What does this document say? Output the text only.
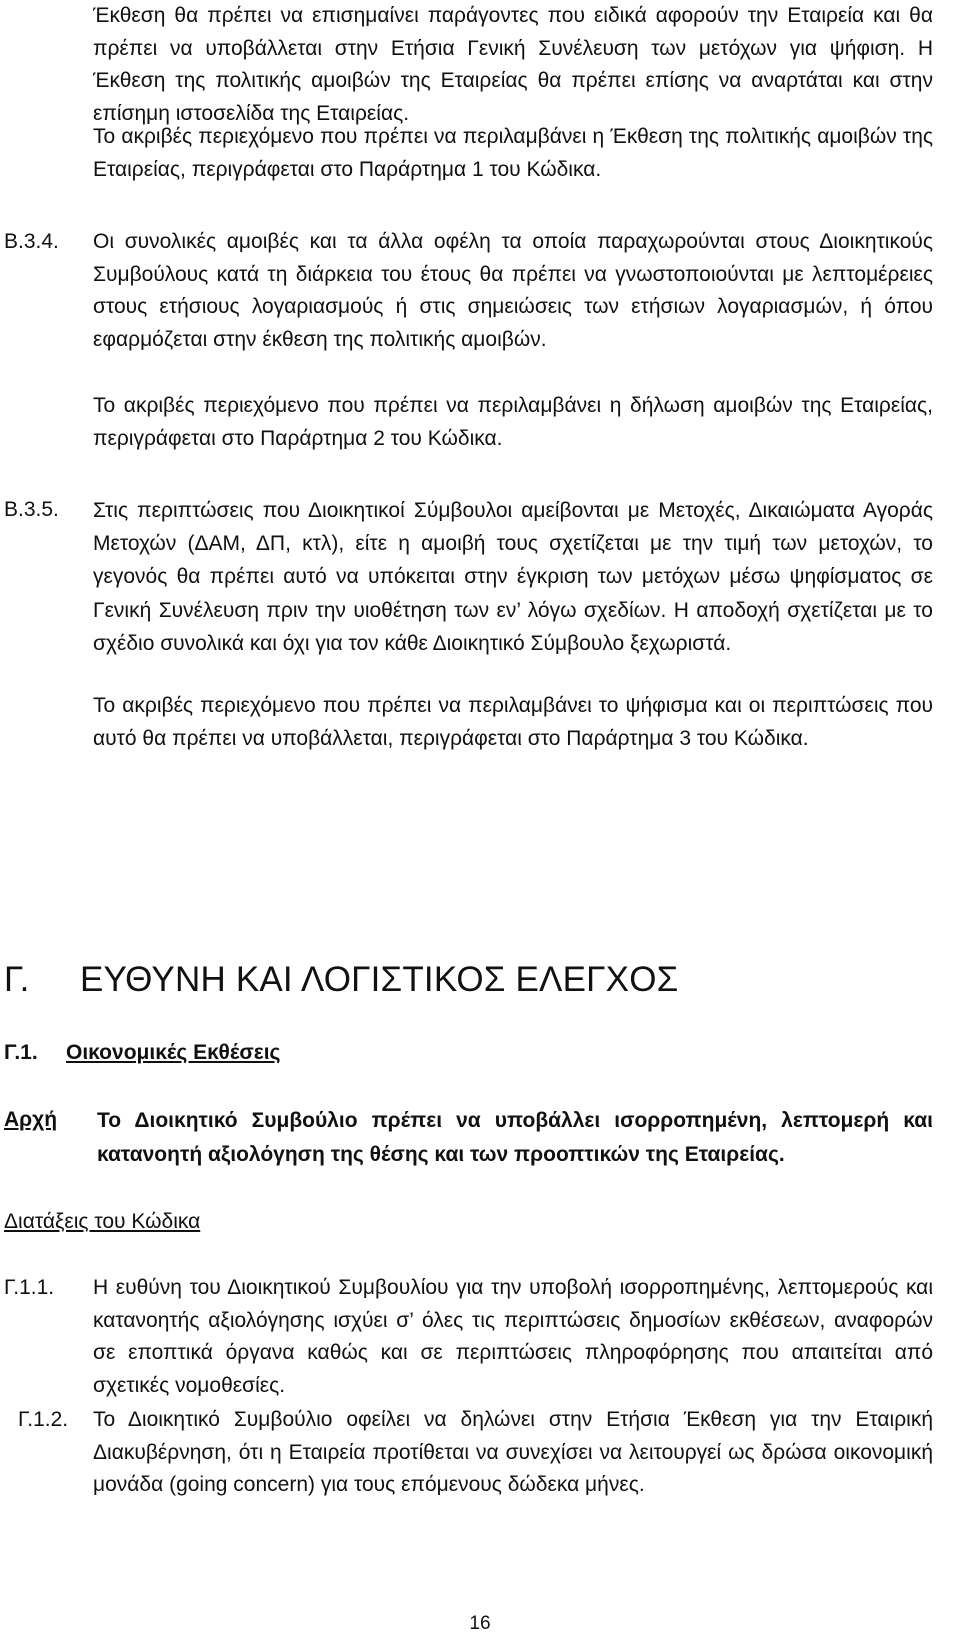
Έκθεση θα πρέπει να επισημαίνει παράγοντες που ειδικά αφορούν την Εταιρεία και θα πρέπει να υποβάλλεται στην Ετήσια Γενική Συνέλευση των μετόχων για ψήφιση. Η Έκθεση της πολιτικής αμοιβών της Εταιρείας θα πρέπει επίσης να αναρτάται και στην επίσημη ιστοσελίδα της Εταιρείας.

Το ακριβές περιεχόμενο που πρέπει να περιλαμβάνει η Έκθεση της πολιτικής αμοιβών της Εταιρείας, περιγράφεται στο Παράρτημα 1 του Κώδικα.

Β.3.4. Οι συνολικές αμοιβές και τα άλλα οφέλη τα οποία παραχωρούνται στους Διοικητικούς Συμβούλους κατά τη διάρκεια του έτους θα πρέπει να γνωστοποιούνται με λεπτομέρειες στους ετήσιους λογαριασμούς ή στις σημειώσεις των ετήσιων λογαριασμών, ή όπου εφαρμόζεται στην έκθεση της πολιτικής αμοιβών.

Το ακριβές περιεχόμενο που πρέπει να περιλαμβάνει η δήλωση αμοιβών της Εταιρείας, περιγράφεται στο Παράρτημα 2 του Κώδικα.

Β.3.5. Στις περιπτώσεις που Διοικητικοί Σύμβουλοι αμείβονται με Μετοχές, Δικαιώματα Αγοράς Μετοχών (ΔΑΜ, ΔΠ, κτλ), είτε η αμοιβή τους σχετίζεται με την τιμή των μετοχών, το γεγονός θα πρέπει αυτό να υπόκειται στην έγκριση των μετόχων μέσω ψηφίσματος σε Γενική Συνέλευση πριν την υιοθέτηση των εν’ λόγω σχεδίων. Η αποδοχή σχετίζεται με το σχέδιο συνολικά και όχι για τον κάθε Διοικητικό Σύμβουλο ξεχωριστά.

Το ακριβές περιεχόμενο που πρέπει να περιλαμβάνει το ψήφισμα και οι περιπτώσεις που αυτό θα πρέπει να υποβάλλεται, περιγράφεται στο Παράρτημα 3 του Κώδικα.

Γ. ΕΥΘΥΝΗ ΚΑΙ ΛΟΓΙΣΤΙΚΟΣ ΕΛΕΓΧΟΣ
Γ.1. Οικονομικές Εκθέσεις

Αρχή Το Διοικητικό Συμβούλιο πρέπει να υποβάλλει ισορροπημένη, λεπτομερή και κατανοητή αξιολόγηση της θέσης και των προοπτικών της Εταιρείας.

Διατάξεις του Κώδικα

Γ.1.1. Η ευθύνη του Διοικητικού Συμβουλίου για την υποβολή ισορροπημένης, λεπτομερούς και κατανοητής αξιολόγησης ισχύει σ’ όλες τις περιπτώσεις δημοσίων εκθέσεων, αναφορών σε εποπτικά όργανα καθώς και σε περιπτώσεις πληροφόρησης που απαιτείται από σχετικές νομοθεσίες.

Γ.1.2. Το Διοικητικό Συμβούλιο οφείλει να δηλώνει στην Ετήσια Έκθεση για την Εταιρική Διακυβέρνηση, ότι η Εταιρεία προτίθεται να συνεχίσει να λειτουργεί ως δρώσα οικονομική μονάδα (going concern) για τους επόμενους δώδεκα μήνες.

16
